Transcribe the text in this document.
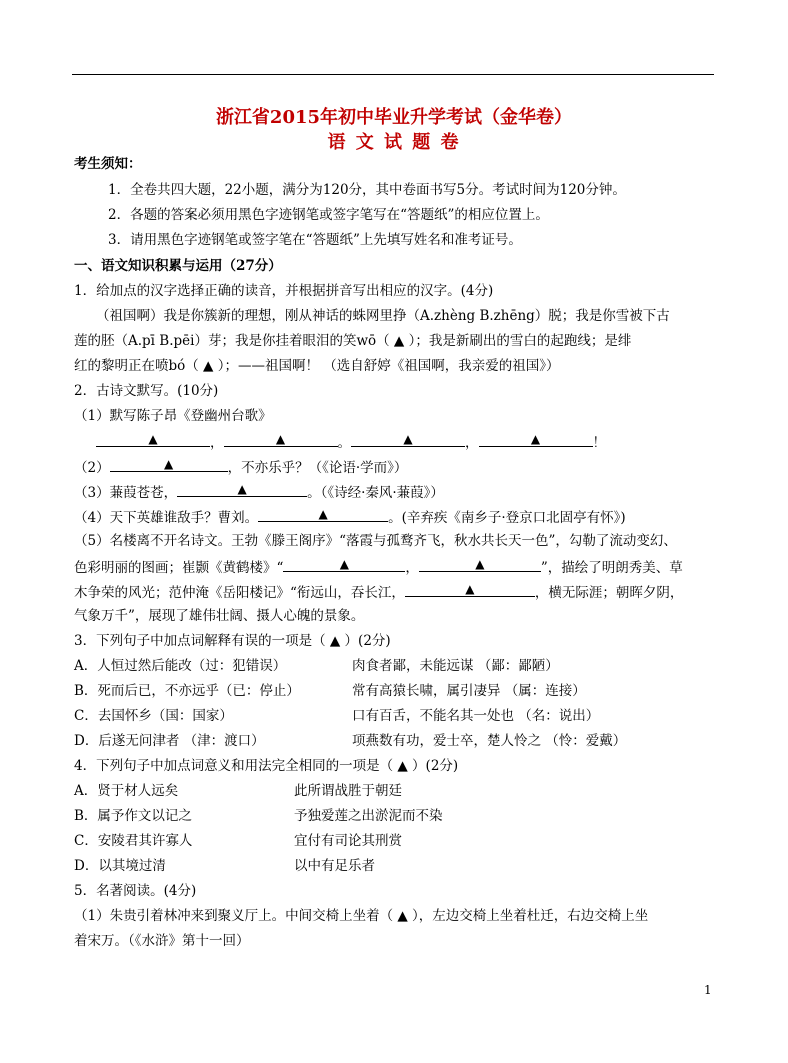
浙江省2015年初中毕业升学考试（金华卷）
语 文 试 题 卷
考生须知：
1．全卷共四大题，22小题，满分为120分，其中卷面书写5分。考试时间为120分钟。
2．各题的答案必须用黑色字迹钢笔或签字笔写在“答题纸”的相应位置上。
3．请用黑色字迹钢笔或签字笔在“答题纸”上先填写姓名和准考证号。
一、语文知识积累与运用（27分）
1．给加点的汉字选择正确的读音，并根据拼音写出相应的汉字。(4分)
（祖国啊）我是你簇新的理想，刚从神话的蛛网里挣（A.zhèng B.zhēng）脱；我是你雪被下古
莲的胚（A.pī B.pēi）芽；我是你挂着眼泪的笑wō（ ▲ ）；我是新刷出的雪白的起跑线；是绯
红的黎明正在喷bó（ ▲ ）；——祖国啊！ （选自舒婷《祖国啊，我亲爱的祖国》）
2．古诗文默写。(10分)
（1）默写陈子昂《登幽州台歌》
▲	，	▲	。	▲	，	▲	！
（2）	▲	，不亦乐乎？（《论语·学而》）
（3）蒹葭苍苍，	▲	。（《诗经·秦风·蒹葭》）
（4）天下英雄谁敌手？曹刘。	▲	。(辛弃疾《南乡子·登京口北固亭有怀》)
（5）名楼离不开名诗文。王勃《滕王阁序》“落霞与孤鹜齐飞，秋水共长天一色”，勾勒了流动变幻、
色彩明丽的图画；崔颢《黄鹤楼》“	▲	，	▲	”，描绘了明朗秀美、草
木争荣的风光；范仲淹《岳阳楼记》“衔远山，吞长江，	▲	，横无际涯；朝晖夕阴，
气象万千”，展现了雄伟壮阔、摄人心魄的景象。
3．下列句子中加点词解释有误的一项是（ ▲ ）(2分)
A．人恒过然后能改（过：犯错误）	肉食者鄙，未能远谋 （鄙：鄙陋）
B．死而后已，不亦远乎（已：停止）	常有高猿长啸，属引凄异 （属：连接）
C．去国怀乡（国：国家）	口有百舌，不能名其一处也 （名：说出）
D．后遂无问津者 （津：渡口）	项燕数有功，爱士卒，楚人怜之 （怜：爱戴）
4．下列句子中加点词意义和用法完全相同的一项是（ ▲ ）(2分)
A．贤于材人远矣	此所谓战胜于朝廷
B．属予作文以记之	予独爱莲之出淤泥而不染
C．安陵君其许寡人	宜付有司论其刑赏
D．以其境过清	以中有足乐者
5．名著阅读。(4分)
（1）朱贵引着林冲来到聚义厅上。中间交椅上坐着（ ▲ ），左边交椅上坐着杜迁，右边交椅上坐
着宋万。（《水浒》第十一回）
1
